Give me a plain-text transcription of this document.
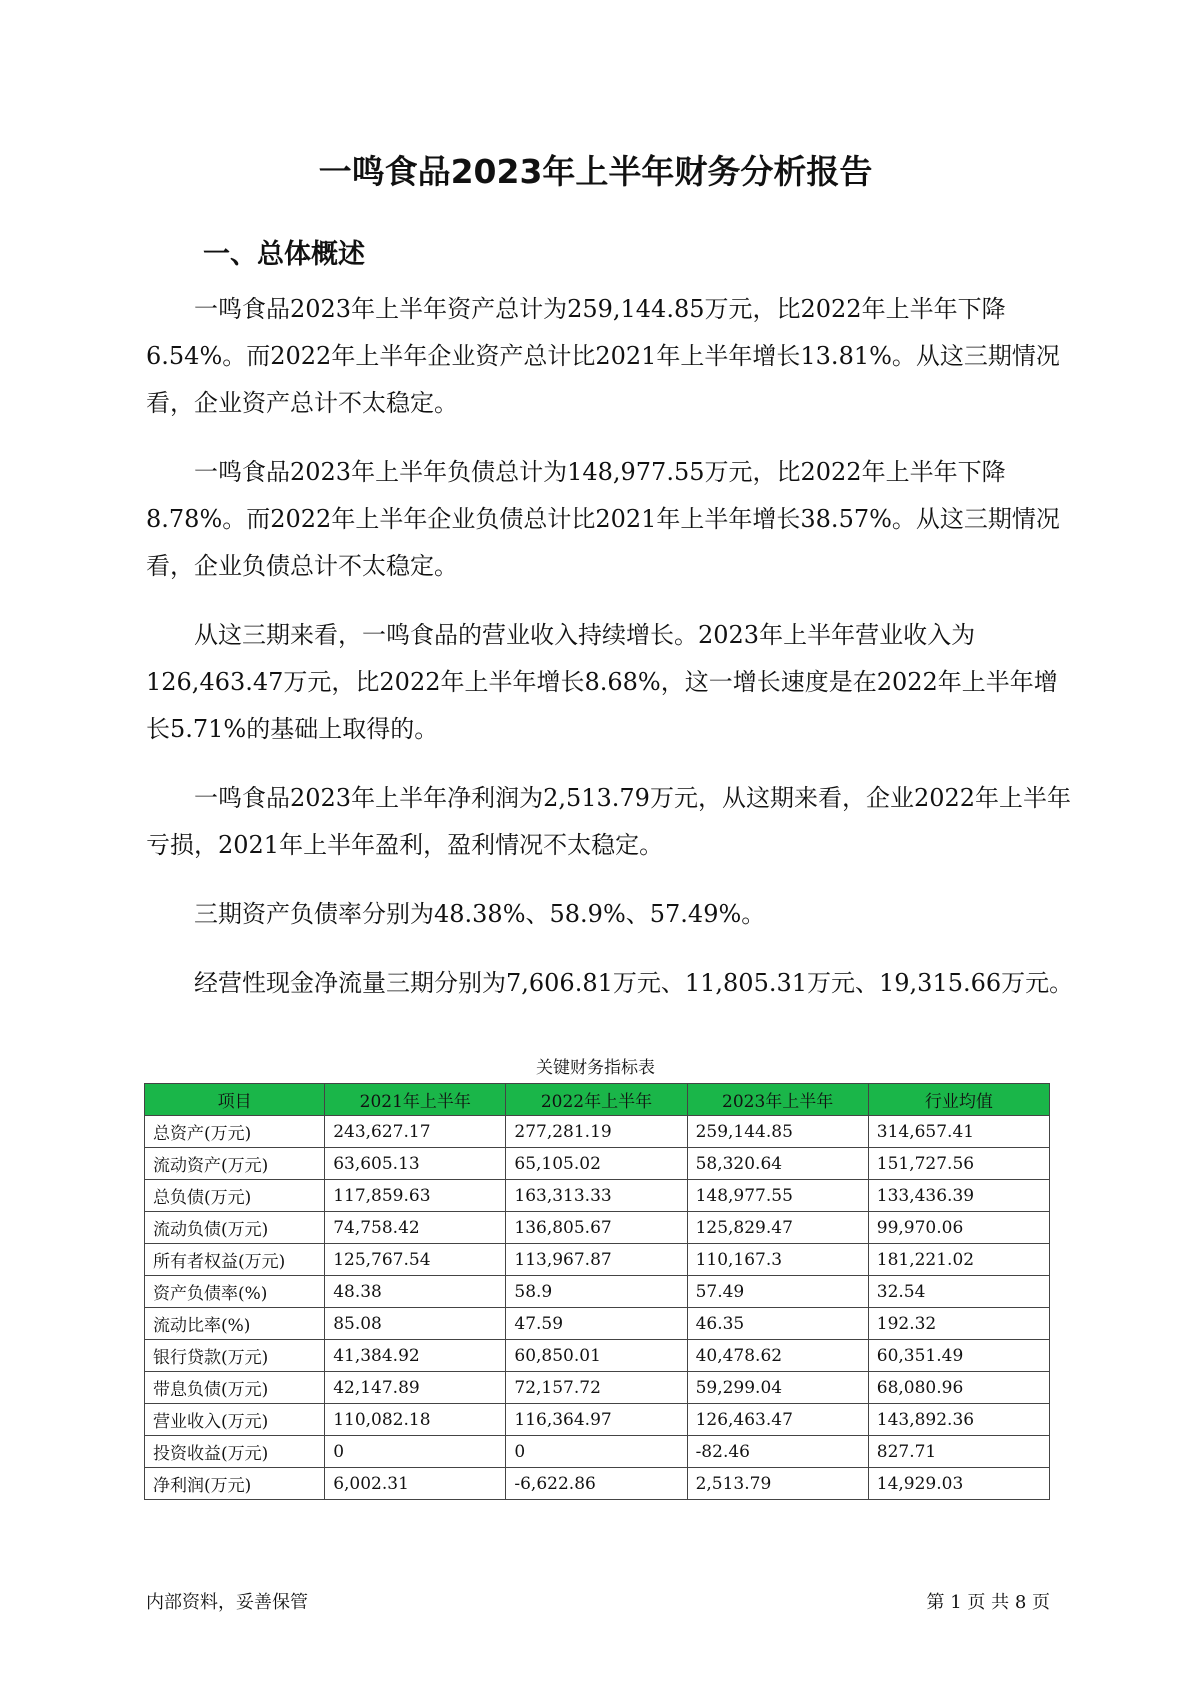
一鸣食品2023年上半年财务分析报告
一、总体概述

一鸣食品2023年上半年资产总计为259,144.85万元，比2022年上半年下降6.54%。而2022年上半年企业资产总计比2021年上半年增长13.81%。从这三期情况看，企业资产总计不太稳定。

一鸣食品2023年上半年负债总计为148,977.55万元，比2022年上半年下降8.78%。而2022年上半年企业负债总计比2021年上半年增长38.57%。从这三期情况看，企业负债总计不太稳定。

从这三期来看，一鸣食品的营业收入持续增长。2023年上半年营业收入为126,463.47万元，比2022年上半年增长8.68%，这一增长速度是在2022年上半年增长5.71%的基础上取得的。

一鸣食品2023年上半年净利润为2,513.79万元，从这期来看，企业2022年上半年亏损，2021年上半年盈利，盈利情况不太稳定。

三期资产负债率分别为48.38%、58.9%、57.49%。

经营性现金净流量三期分别为7,606.81万元、11,805.31万元、19,315.66万元。

关键财务指标表
项目	2021年上半年	2022年上半年	2023年上半年	行业均值
总资产(万元)	243,627.17	277,281.19	259,144.85	314,657.41
流动资产(万元)	63,605.13	65,105.02	58,320.64	151,727.56
总负债(万元)	117,859.63	163,313.33	148,977.55	133,436.39
流动负债(万元)	74,758.42	136,805.67	125,829.47	99,970.06
所有者权益(万元)	125,767.54	113,967.87	110,167.3	181,221.02
资产负债率(%)	48.38	58.9	57.49	32.54
流动比率(%)	85.08	47.59	46.35	192.32
银行贷款(万元)	41,384.92	60,850.01	40,478.62	60,351.49
带息负债(万元)	42,147.89	72,157.72	59,299.04	68,080.96
营业收入(万元)	110,082.18	116,364.97	126,463.47	143,892.36
投资收益(万元)	0	0	-82.46	827.71
净利润(万元)	6,002.31	-6,622.86	2,513.79	14,929.03
内部资料，妥善保管	第 1 页 共 8 页
